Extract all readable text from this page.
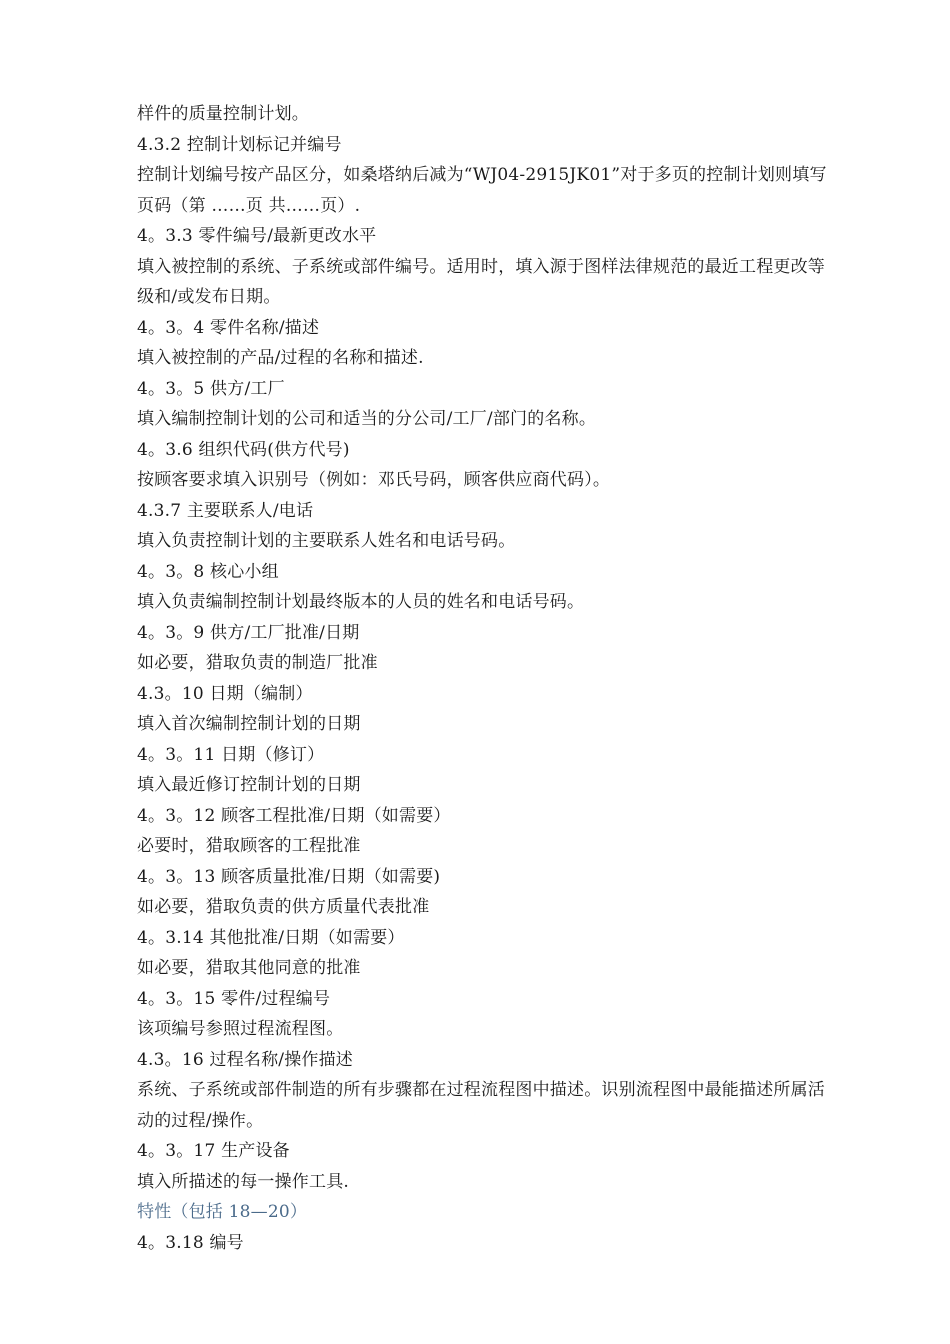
样件的质量控制计划。

4.3.2 控制计划标记并编号

控制计划编号按产品区分，如桑塔纳后减为“WJ04-2915JK01”对于多页的控制计划则填写页码（第 ……页 共……页）.

4。3.3 零件编号/最新更改水平

填入被控制的系统、子系统或部件编号。适用时，填入源于图样法律规范的最近工程更改等级和/或发布日期。

4。3。4 零件名称/描述

填入被控制的产品/过程的名称和描述.

4。3。5 供方/工厂

填入编制控制计划的公司和适当的分公司/工厂/部门的名称。

4。3.6 组织代码(供方代号)

按顾客要求填入识别号（例如：邓氏号码，顾客供应商代码）。

4.3.7 主要联系人/电话

填入负责控制计划的主要联系人姓名和电话号码。

4。3。8 核心小组

填入负责编制控制计划最终版本的人员的姓名和电话号码。

4。3。9 供方/工厂批准/日期

如必要，猎取负责的制造厂批准

4.3。10 日期（编制）

填入首次编制控制计划的日期

4。3。11 日期（修订）

填入最近修订控制计划的日期

4。3。12 顾客工程批准/日期（如需要）

必要时，猎取顾客的工程批准

4。3。13 顾客质量批准/日期（如需要)

如必要，猎取负责的供方质量代表批准

4。3.14 其他批准/日期（如需要）

如必要，猎取其他同意的批准

4。3。15 零件/过程编号

该项编号参照过程流程图。

4.3。16 过程名称/操作描述

系统、子系统或部件制造的所有步骤都在过程流程图中描述。识别流程图中最能描述所属活动的过程/操作。

4。3。17 生产设备

填入所描述的每一操作工具.

特性（包括 18—20）

4。3.18 编号
